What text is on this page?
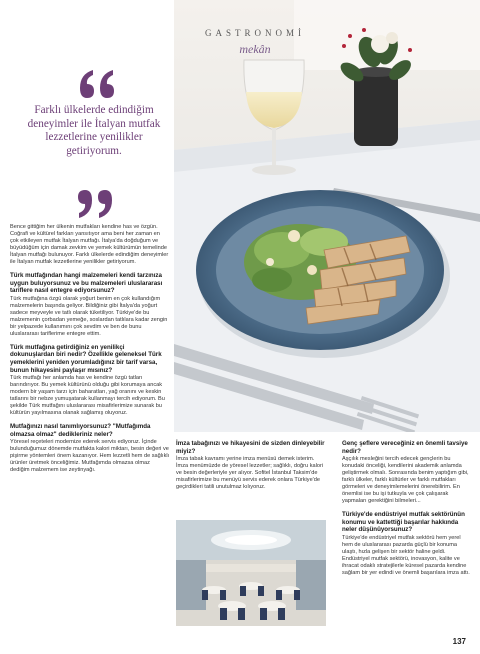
GASTRONOMİ
mekân
Farklı ülkelerde edindiğim deneyimler ile İtalyan mutfak lezzetlerine yenilikler getiriyorum.

Bence gittiğim her ülkenin mutfakları kendine has ve özgün. Coğrafi ve kültürel farkları yansıtıyor ama beni her zaman en çok etkileyen mutfak İtalyan mutfağı. İtalya'da doğduğum ve büyüdüğüm için damak zevkim ve yemek kültürümün temelinde İtalyan mutfağı bulunuyor. Farklı ülkelerde edindiğim deneyimler ile İtalyan mutfak lezzetlerine yenilikler getiriyorum.

Türk mutfağından hangi malzemeleri kendi tarzınıza uygun buluyorsunuz ve bu malzemeleri uluslararası tariflere nasıl entegre ediyorsunuz?

Türk mutfağına özgü olarak yoğurt benim en çok kullandığım malzemelerin başında geliyor. Bildiğiniz gibi İtalya'da yoğurt sadece meyveyle ve tatlı olarak tüketiliyor. Türkiye'de bu malzemenin çorbadan yemeğe, soslardan tatlılara kadar zengin bir yelpazede kullanımını çok sevdim ve ben de bunu uluslararası tariflerime entegre ettim.

Türk mutfağına getirdiğiniz en yenilikçi dokunuşlardan biri nedir? Özellikle geleneksel Türk yemeklerini yeniden yorumladığınız bir tarif varsa, bunun hikayesini paylaşır mısınız?

Türk mutfağı her anlamda has ve kendine özgü tatları barındırıyor. Bu yemek kültürünü olduğu gibi korumaya ancak modern bir yaşam tarzı için baharatları, yağ oranını ve keskin tatlarını bir nebze yumuşatarak kullanmayı tercih ediyorum. Bu şekilde Türk mutfağını uluslararası misafirlerimize sunarak bu kültürün yayılmasına olanak sağlamış oluyoruz.

Mutfağınızı nasıl tanımlıyorsunuz? "Mutfağımda olmazsa olmaz" dedikleriniz neler?

Yöresel reçeteleri modernize ederek servis ediyoruz. İçinde bulunduğumuz dönemde mutfakta kalori miktarı, besin değeri ve pişirme yöntemleri önem kazanıyor. Hem lezzetli hem de sağlıklı ürünler üretmek önceliğimiz. Mutfağımda olmazsa olmaz dediğim malzemem ise zeytinyağı.

İmza tabağınızı ve hikayesini de sizden dinleyebilir miyiz?

İmza tabak kavramı yerine imza menüsü demek isterim. İmza menümüzde de yöresel lezzetler; sağlıklı, doğru kalori ve besin değerleriyle yer alıyor. Sofitel İstanbul Taksim'de misafirlerimize bu menüyü servis ederek onlara Türkiye'de geçirdikleri tatili unutulmaz kılıyoruz.

Genç şeflere vereceğiniz en önemli tavsiye nedir?

Aşçılık mesleğini tercih edecek gençlerin bu konudaki önceliği, kendilerini akademik anlamda geliştirmek olmalı. Sonrasında benim yaptığım gibi, farklı ülkeler, farklı kültürler ve farklı mutfakları görmeleri ve deneyimlemelerini önerebilirim. En önemlisi ise bu işi tutkuyla ve çok çalışarak yapmaları gerektiğini bilmeleri...

Türkiye'de endüstriyel mutfak sektörünün konumu ve kattettiği başarılar hakkında neler düşünüyorsunuz?

Türkiye'de endüstriyel mutfak sektörü hem yerel hem de uluslararası pazarda güçlü bir konuma ulaştı, hızla gelişen bir sektör haline geldi. Endüstriyel mutfak sektörü, inovasyon, kalite ve ihracat odaklı stratejilerle küresel pazarda kendine sağlam bir yer edindi ve önemli başarılara imza attı.

137
